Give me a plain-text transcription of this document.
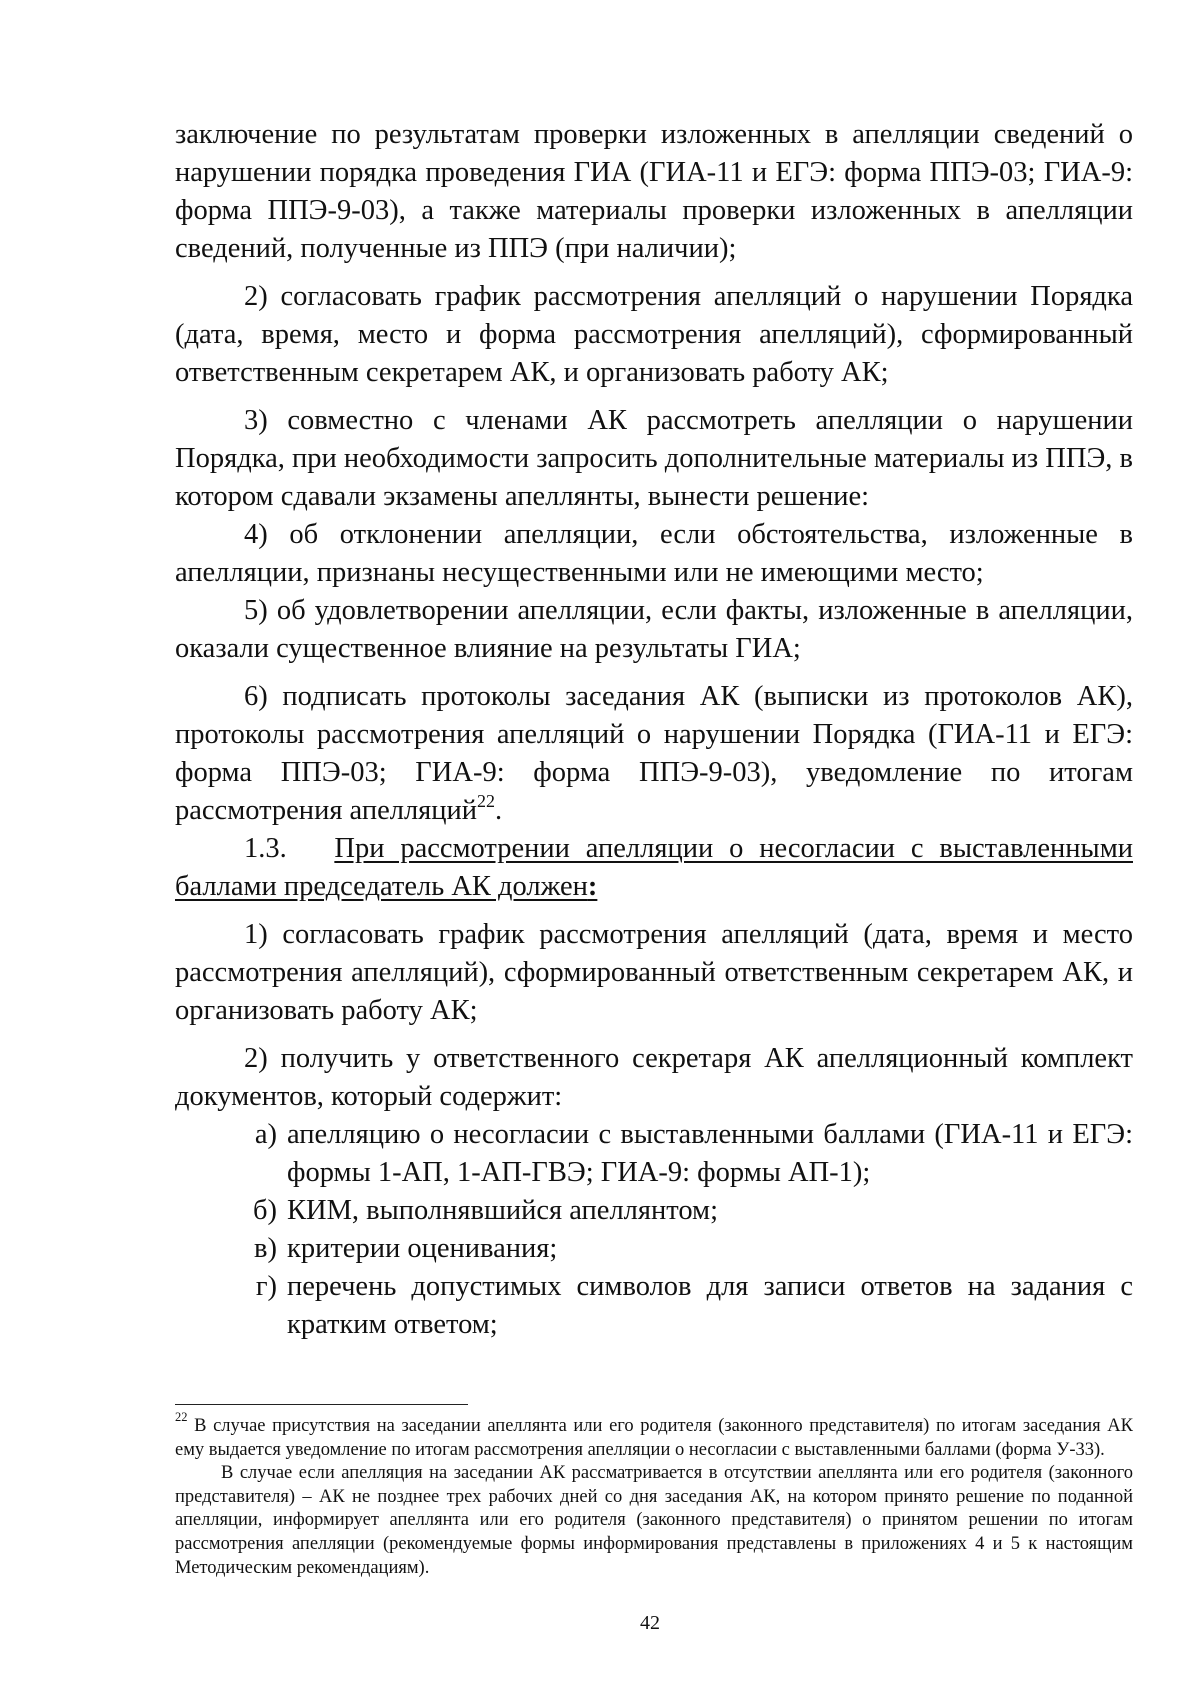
заключение по результатам проверки изложенных в апелляции сведений о нарушении порядка проведения ГИА (ГИА-11 и ЕГЭ: форма ППЭ-03; ГИА-9: форма ППЭ-9-03), а также материалы проверки изложенных в апелляции сведений, полученные из ППЭ (при наличии);

2) согласовать график рассмотрения апелляций о нарушении Порядка (дата, время, место и форма рассмотрения апелляций), сформированный ответственным секретарем АК, и организовать работу АК;

3) совместно с членами АК рассмотреть апелляции о нарушении Порядка, при необходимости запросить дополнительные материалы из ППЭ, в котором сдавали экзамены апеллянты, вынести решение:

4) об отклонении апелляции, если обстоятельства, изложенные в апелляции, признаны несущественными или не имеющими место;

5) об удовлетворении апелляции, если факты, изложенные в апелляции, оказали существенное влияние на результаты ГИА;

6) подписать протоколы заседания АК (выписки из протоколов АК), протоколы рассмотрения апелляций о нарушении Порядка (ГИА-11 и ЕГЭ: форма ППЭ-03; ГИА-9: форма ППЭ-9-03), уведомление по итогам рассмотрения апелляций$^{22}$.

1.3. При рассмотрении апелляции о несогласии с выставленными баллами председатель АК должен:

1) согласовать график рассмотрения апелляций (дата, время и место рассмотрения апелляций), сформированный ответственным секретарем АК, и организовать работу АК;

2) получить у ответственного секретаря АК апелляционный комплект документов, который содержит:

а) апелляцию о несогласии с выставленными баллами (ГИА-11 и ЕГЭ: формы 1-АП, 1-АП-ГВЭ; ГИА-9: формы АП-1);
б) КИМ, выполнявшийся апеллянтом;
в) критерии оценивания;
г) перечень допустимых символов для записи ответов на задания с кратким ответом;

$^{22}$ В случае присутствия на заседании апеллянта или его родителя (законного представителя) по итогам заседания АК ему выдается уведомление по итогам рассмотрения апелляции о несогласии с выставленными баллами (форма У-33).

В случае если апелляция на заседании АК рассматривается в отсутствии апеллянта или его родителя (законного представителя) – АК не позднее трех рабочих дней со дня заседания АК, на котором принято решение по поданной апелляции, информирует апеллянта или его родителя (законного представителя) о принятом решении по итогам рассмотрения апелляции (рекомендуемые формы информирования представлены в приложениях 4 и 5 к настоящим Методическим рекомендациям).

42
